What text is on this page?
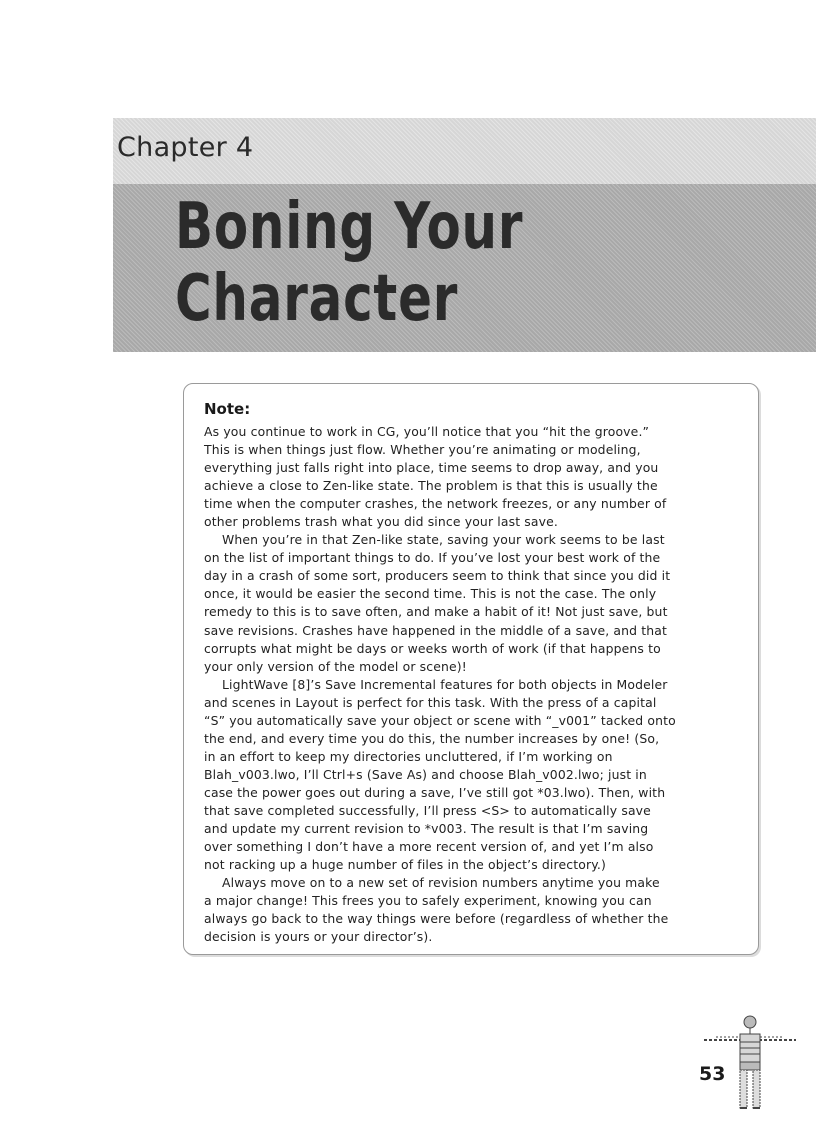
Chapter 4
Boning Your
Character
Note:

As you continue to work in CG, you’ll notice that you “hit the groove.”

This is when things just flow. Whether you’re animating or modeling,

everything just falls right into place, time seems to drop away, and you

achieve a close to Zen-like state. The problem is that this is usually the

time when the computer crashes, the network freezes, or any number of

other problems trash what you did since your last save.

When you’re in that Zen-like state, saving your work seems to be last

on the list of important things to do. If you’ve lost your best work of the

day in a crash of some sort, producers seem to think that since you did it

once, it would be easier the second time. This is not the case. The only

remedy to this is to save often, and make a habit of it! Not just save, but

save revisions. Crashes have happened in the middle of a save, and that

corrupts what might be days or weeks worth of work (if that happens to

your only version of the model or scene)!

LightWave [8]’s Save Incremental features for both objects in Modeler

and scenes in Layout is perfect for this task. With the press of a capital

“S” you automatically save your object or scene with “_v001” tacked onto

the end, and every time you do this, the number increases by one! (So,

in an effort to keep my directories uncluttered, if I’m working on

Blah_v003.lwo, I’ll Ctrl+s (Save As) and choose Blah_v002.lwo; just in

case the power goes out during a save, I’ve still got *03.lwo). Then, with

that save completed successfully, I’ll press <S> to automatically save

and update my current revision to *v003. The result is that I’m saving

over something I don’t have a more recent version of, and yet I’m also

not racking up a huge number of files in the object’s directory.)

Always move on to a new set of revision numbers anytime you make

a major change! This frees you to safely experiment, knowing you can

always go back to the way things were before (regardless of whether the

decision is yours or your director’s).

53
